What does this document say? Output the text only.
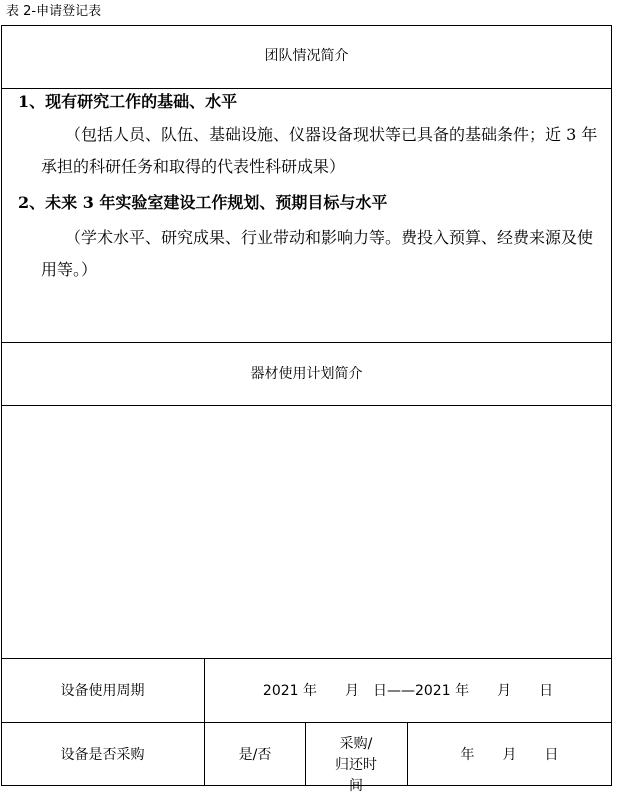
表 2-申请登记表
团队情况简介
1、现有研究工作的基础、水平
（包括人员、队伍、基础设施、仪器设备现状等已具备的基础条件；近 3 年承担的科研任务和取得的代表性科研成果）
2、未来 3 年实验室建设工作规划、预期目标与水平
（学术水平、研究成果、行业带动和影响力等。费投入预算、经费来源及使用等。）
器材使用计划简介
设备使用周期	2021 年　　月　日——2021 年　　月　　日
设备是否采购	是/否
采购/归还时间
年　　月　　日
